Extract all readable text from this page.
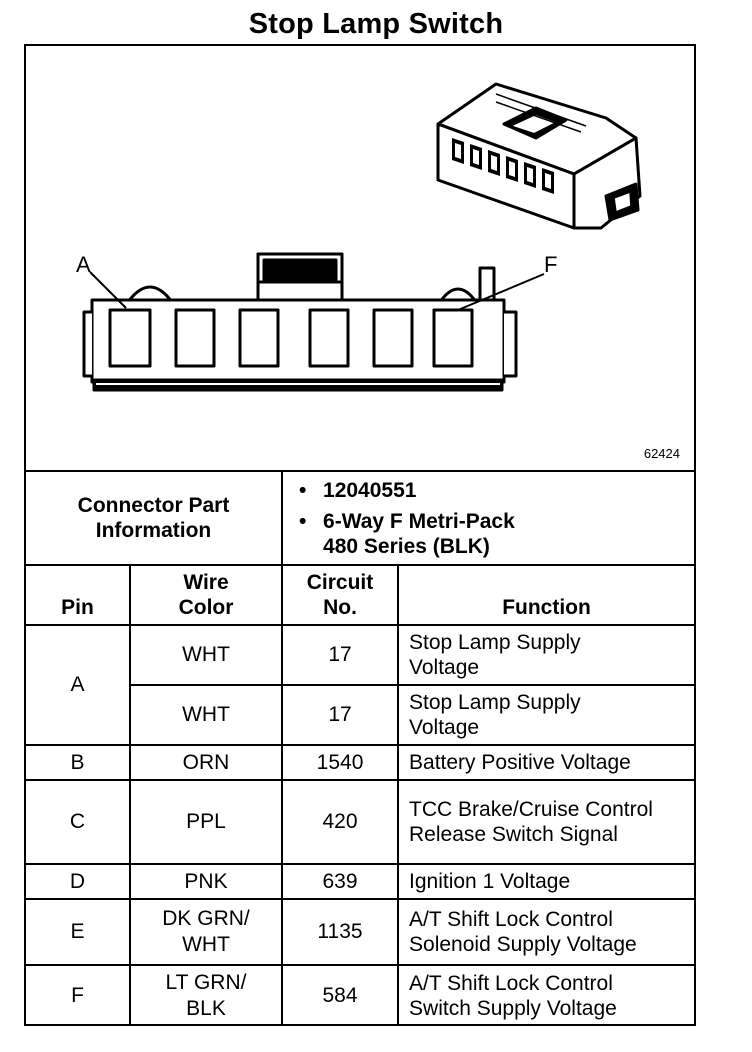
Stop Lamp Switch
A	F
62424
Connector Part Information		• 12040551
• 6-Way F Metri-Pack 480 Series (BLK)	

Pin	Wire Color	Circuit No.	Function
A	WHT	17	Stop Lamp Supply Voltage

	WHT	17	Stop Lamp Supply Voltage

B	ORN	1540	Battery Positive Voltage
C	PPL	420	TCC Brake/Cruise Control Release Switch Signal

D	PNK	639	Ignition 1 Voltage
E	DK GRN/ WHT	1135	A/T Shift Lock Control Solenoid Supply Voltage

F	LT GRN/ BLK	584	A/T Shift Lock Control Switch Supply Voltage
